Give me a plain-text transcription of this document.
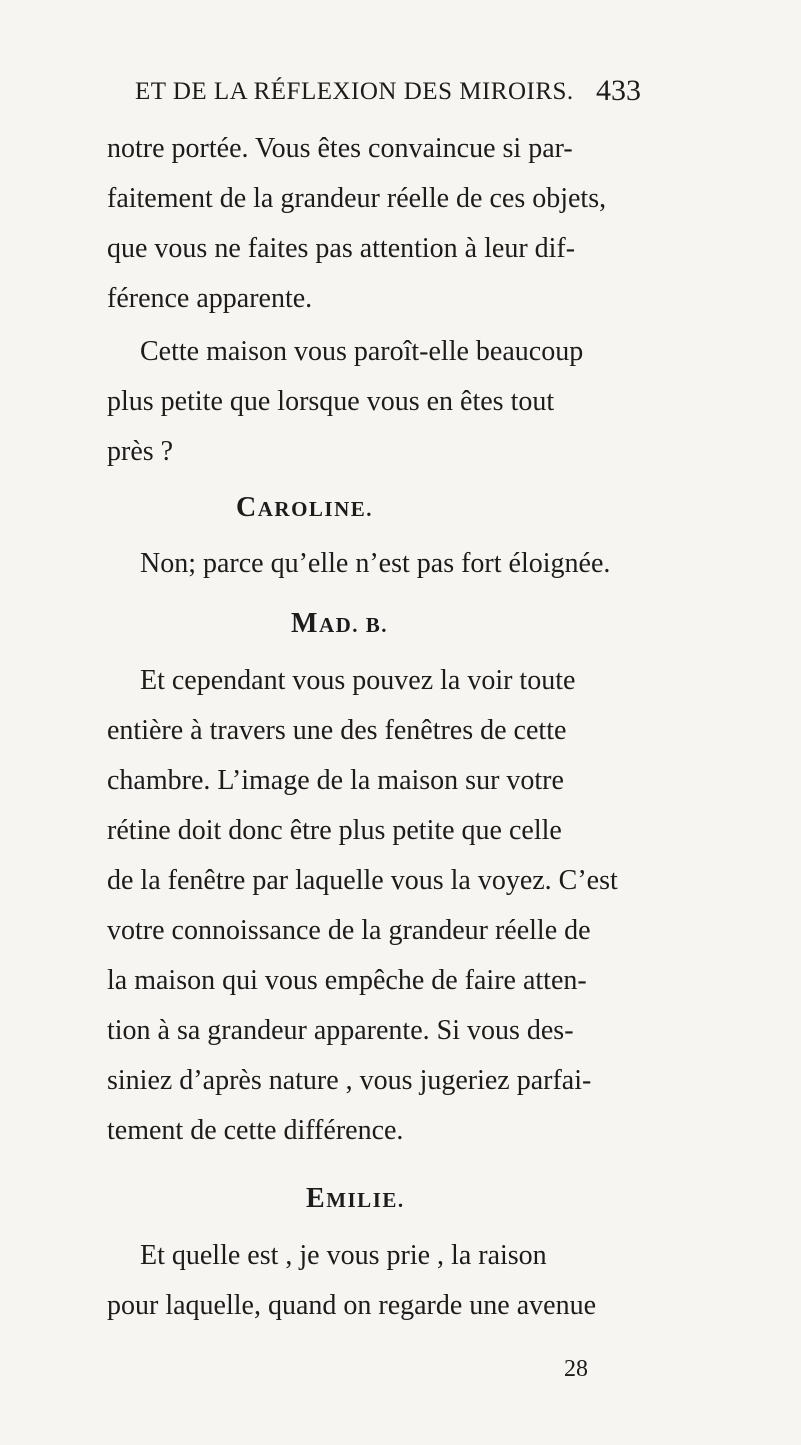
ET DE LA RÉFLEXION DES MIROIRS. 433
notre portée. Vous êtes convaincue si par-
faitement de la grandeur réelle de ces objets,
que vous ne faites pas attention à leur dif-
férence apparente.
Cette maison vous paroît-elle beaucoup
plus petite que lorsque vous en êtes tout
près ?
CAROLINE.
Non; parce qu’elle n’est pas fort éloignée.
MAD. B.
Et cependant vous pouvez la voir toute
entière à travers une des fenêtres de cette
chambre. L’image de la maison sur votre
rétine doit donc être plus petite que celle
de la fenêtre par laquelle vous la voyez. C’est
votre connoissance de la grandeur réelle de
la maison qui vous empêche de faire atten-
tion à sa grandeur apparente. Si vous des-
siniez d’après nature , vous jugeriez parfai-
tement de cette différence.
EMILIE.
Et quelle est , je vous prie , la raison
pour laquelle, quand on regarde une avenue
28
